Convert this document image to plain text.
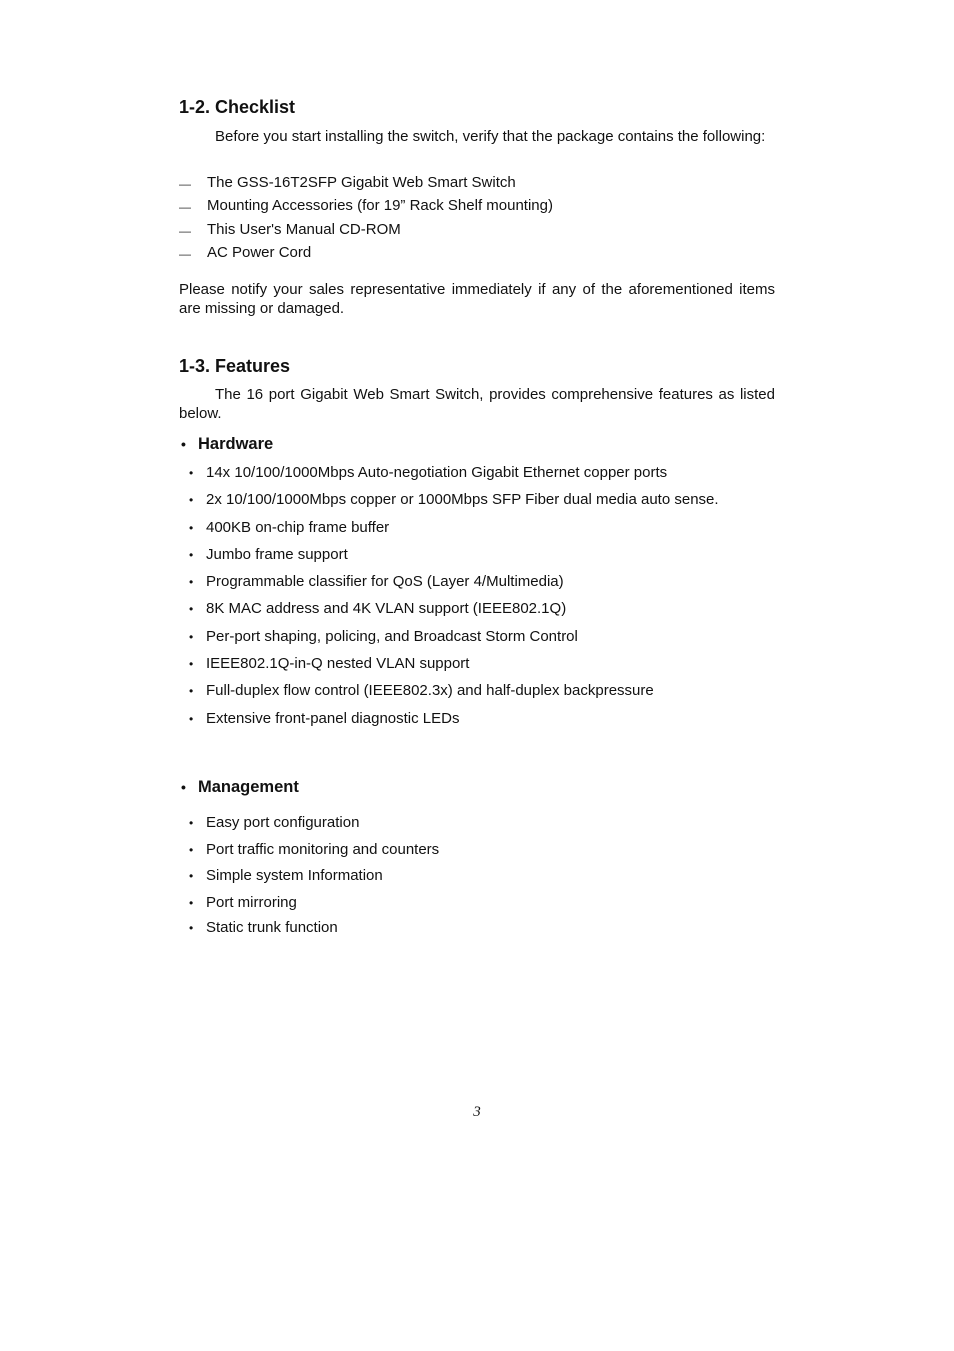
1-2. Checklist

Before you start installing the switch, verify that the package contains the following:

— The GSS-16T2SFP Gigabit Web Smart Switch
— Mounting Accessories (for 19” Rack Shelf mounting)
— This User's Manual CD-ROM
— AC Power Cord

Please notify your sales representative immediately if any of the aforementioned items are missing or damaged.

1-3. Features

The 16 port Gigabit Web Smart Switch, provides comprehensive features as listed below.

• Hardware
• 14x 10/100/1000Mbps Auto-negotiation Gigabit Ethernet copper ports
• 2x 10/100/1000Mbps copper or 1000Mbps SFP Fiber dual media auto sense.
• 400KB on-chip frame buffer
• Jumbo frame support
• Programmable classifier for QoS (Layer 4/Multimedia)
• 8K MAC address and 4K VLAN support (IEEE802.1Q)
• Per-port shaping, policing, and Broadcast Storm Control
• IEEE802.1Q-in-Q nested VLAN support
• Full-duplex flow control (IEEE802.3x) and half-duplex backpressure
• Extensive front-panel diagnostic LEDs
• Management
• Easy port configuration
• Port traffic monitoring and counters
• Simple system Information
• Port mirroring
• Static trunk function
3
